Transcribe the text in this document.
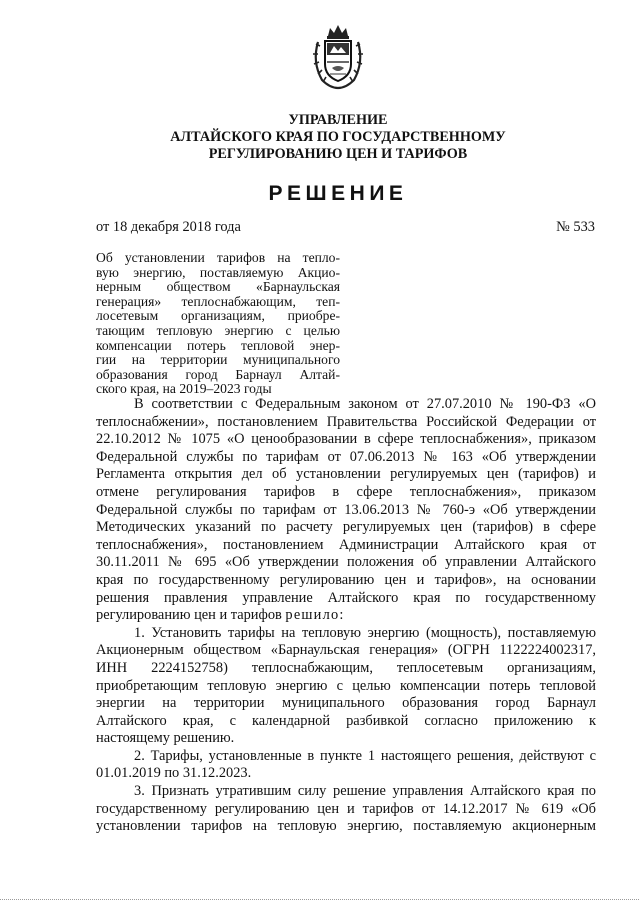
УПРАВЛЕНИЕ
АЛТАЙСКОГО КРАЯ ПО ГОСУДАРСТВЕННОМУ
РЕГУЛИРОВАНИЮ ЦЕН И ТАРИФОВ
РЕШЕНИЕ
от 18 декабря 2018 года	№ 533
Об установлении тарифов на тепло-
вую энергию, поставляемую Акцио-
нерным обществом «Барнаульская
генерация» теплоснабжающим, теп-
лосетевым организациям, приобре-
тающим тепловую энергию с целью
компенсации потерь тепловой энер-
гии на территории муниципального
образования город Барнаул Алтай-
ского края, на 2019–2023 годы
В соответствии с Федеральным законом от 27.07.2010 № 190-ФЗ «О
теплоснабжении», постановлением Правительства Российской Федерации от
22.10.2012 № 1075 «О ценообразовании в сфере теплоснабжения», приказом
Федеральной службы по тарифам от 07.06.2013 № 163 «Об утверждении
Регламента открытия дел об установлении регулируемых цен (тарифов) и
отмене регулирования тарифов в сфере теплоснабжения», приказом
Федеральной службы по тарифам от 13.06.2013 № 760-э «Об утверждении
Методических указаний по расчету регулируемых цен (тарифов) в сфере
теплоснабжения», постановлением Администрации Алтайского края от
30.11.2011 № 695 «Об утверждении положения об управлении Алтайского
края по государственному регулированию цен и тарифов», на основании
решения правления управление Алтайского края по государственному
регулированию цен и тарифов решило:
1. Установить тарифы на тепловую энергию (мощность), поставляемую
Акционерным обществом «Барнаульская генерация» (ОГРН 1122224002317,
ИНН 2224152758) теплоснабжающим, теплосетевым организациям,
приобретающим тепловую энергию с целью компенсации потерь тепловой
энергии на территории муниципального образования город Барнаул
Алтайского края, с календарной разбивкой согласно приложению к
настоящему решению.
2. Тарифы, установленные в пункте 1 настоящего решения, действуют с
01.01.2019 по 31.12.2023.
3. Признать утратившим силу решение управления Алтайского края по
государственному регулированию цен и тарифов от 14.12.2017 № 619 «Об
установлении тарифов на тепловую энергию, поставляемую акционерным
